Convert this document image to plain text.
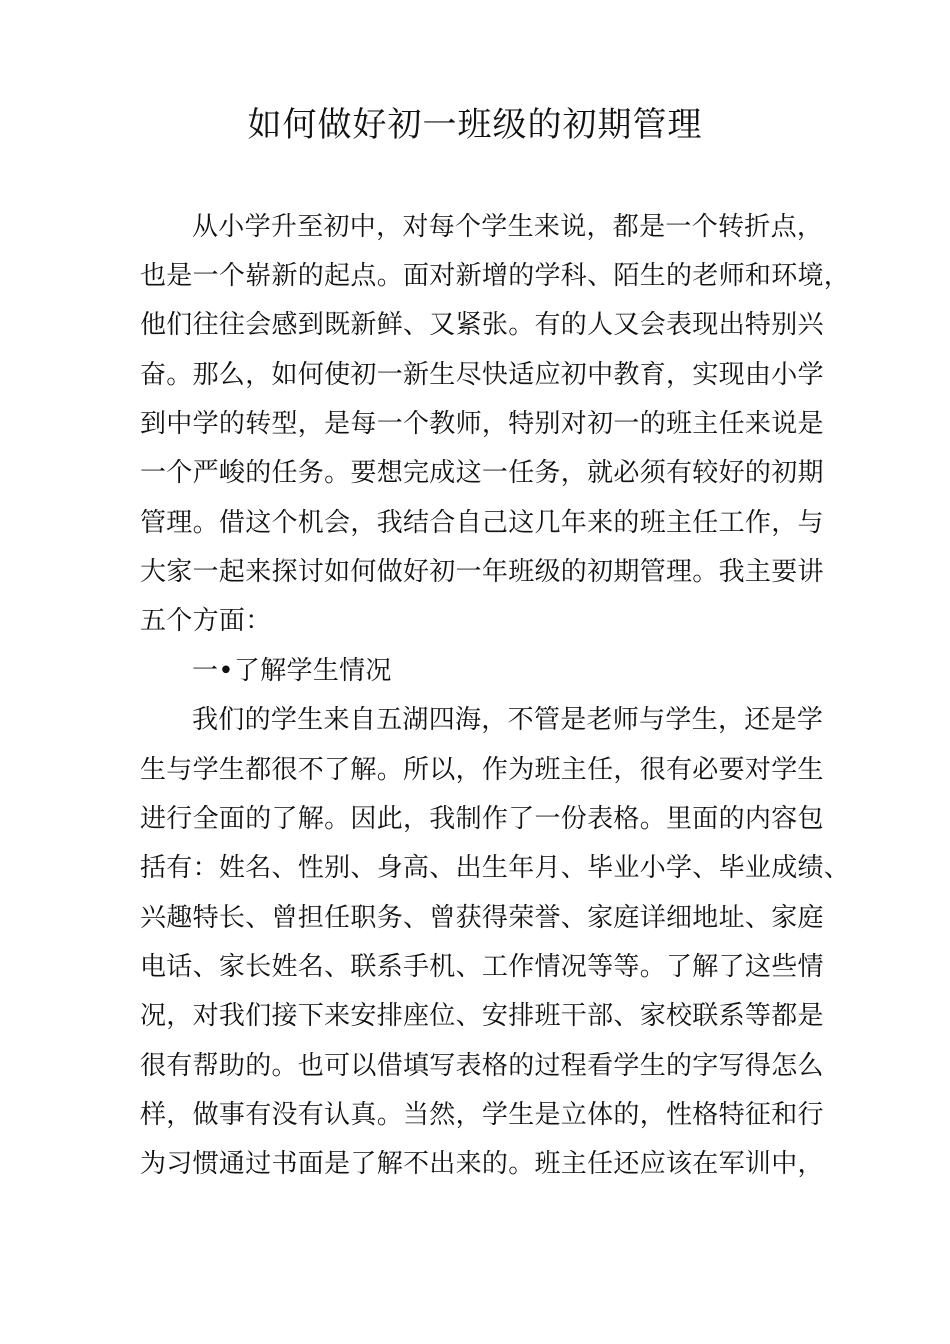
如何做好初一班级的初期管理
从小学升至初中，对每个学生来说，都是一个转折点，
也是一个崭新的起点。面对新增的学科、陌生的老师和环境，
他们往往会感到既新鲜、又紧张。有的人又会表现出特别兴
奋。那么，如何使初一新生尽快适应初中教育，实现由小学
到中学的转型，是每一个教师，特别对初一的班主任来说是
一个严峻的任务。要想完成这一任务，就必须有较好的初期
管理。借这个机会，我结合自己这几年来的班主任工作，与
大家一起来探讨如何做好初一年班级的初期管理。我主要讲
五个方面：
一•了解学生情况
我们的学生来自五湖四海，不管是老师与学生，还是学
生与学生都很不了解。所以，作为班主任，很有必要对学生
进行全面的了解。因此，我制作了一份表格。里面的内容包
括有：姓名、性别、身高、出生年月、毕业小学、毕业成绩、
兴趣特长、曾担任职务、曾获得荣誉、家庭详细地址、家庭
电话、家长姓名、联系手机、工作情况等等。了解了这些情
况，对我们接下来安排座位、安排班干部、家校联系等都是
很有帮助的。也可以借填写表格的过程看学生的字写得怎么
样，做事有没有认真。当然，学生是立体的，性格特征和行
为习惯通过书面是了解不出来的。班主任还应该在军训中，
